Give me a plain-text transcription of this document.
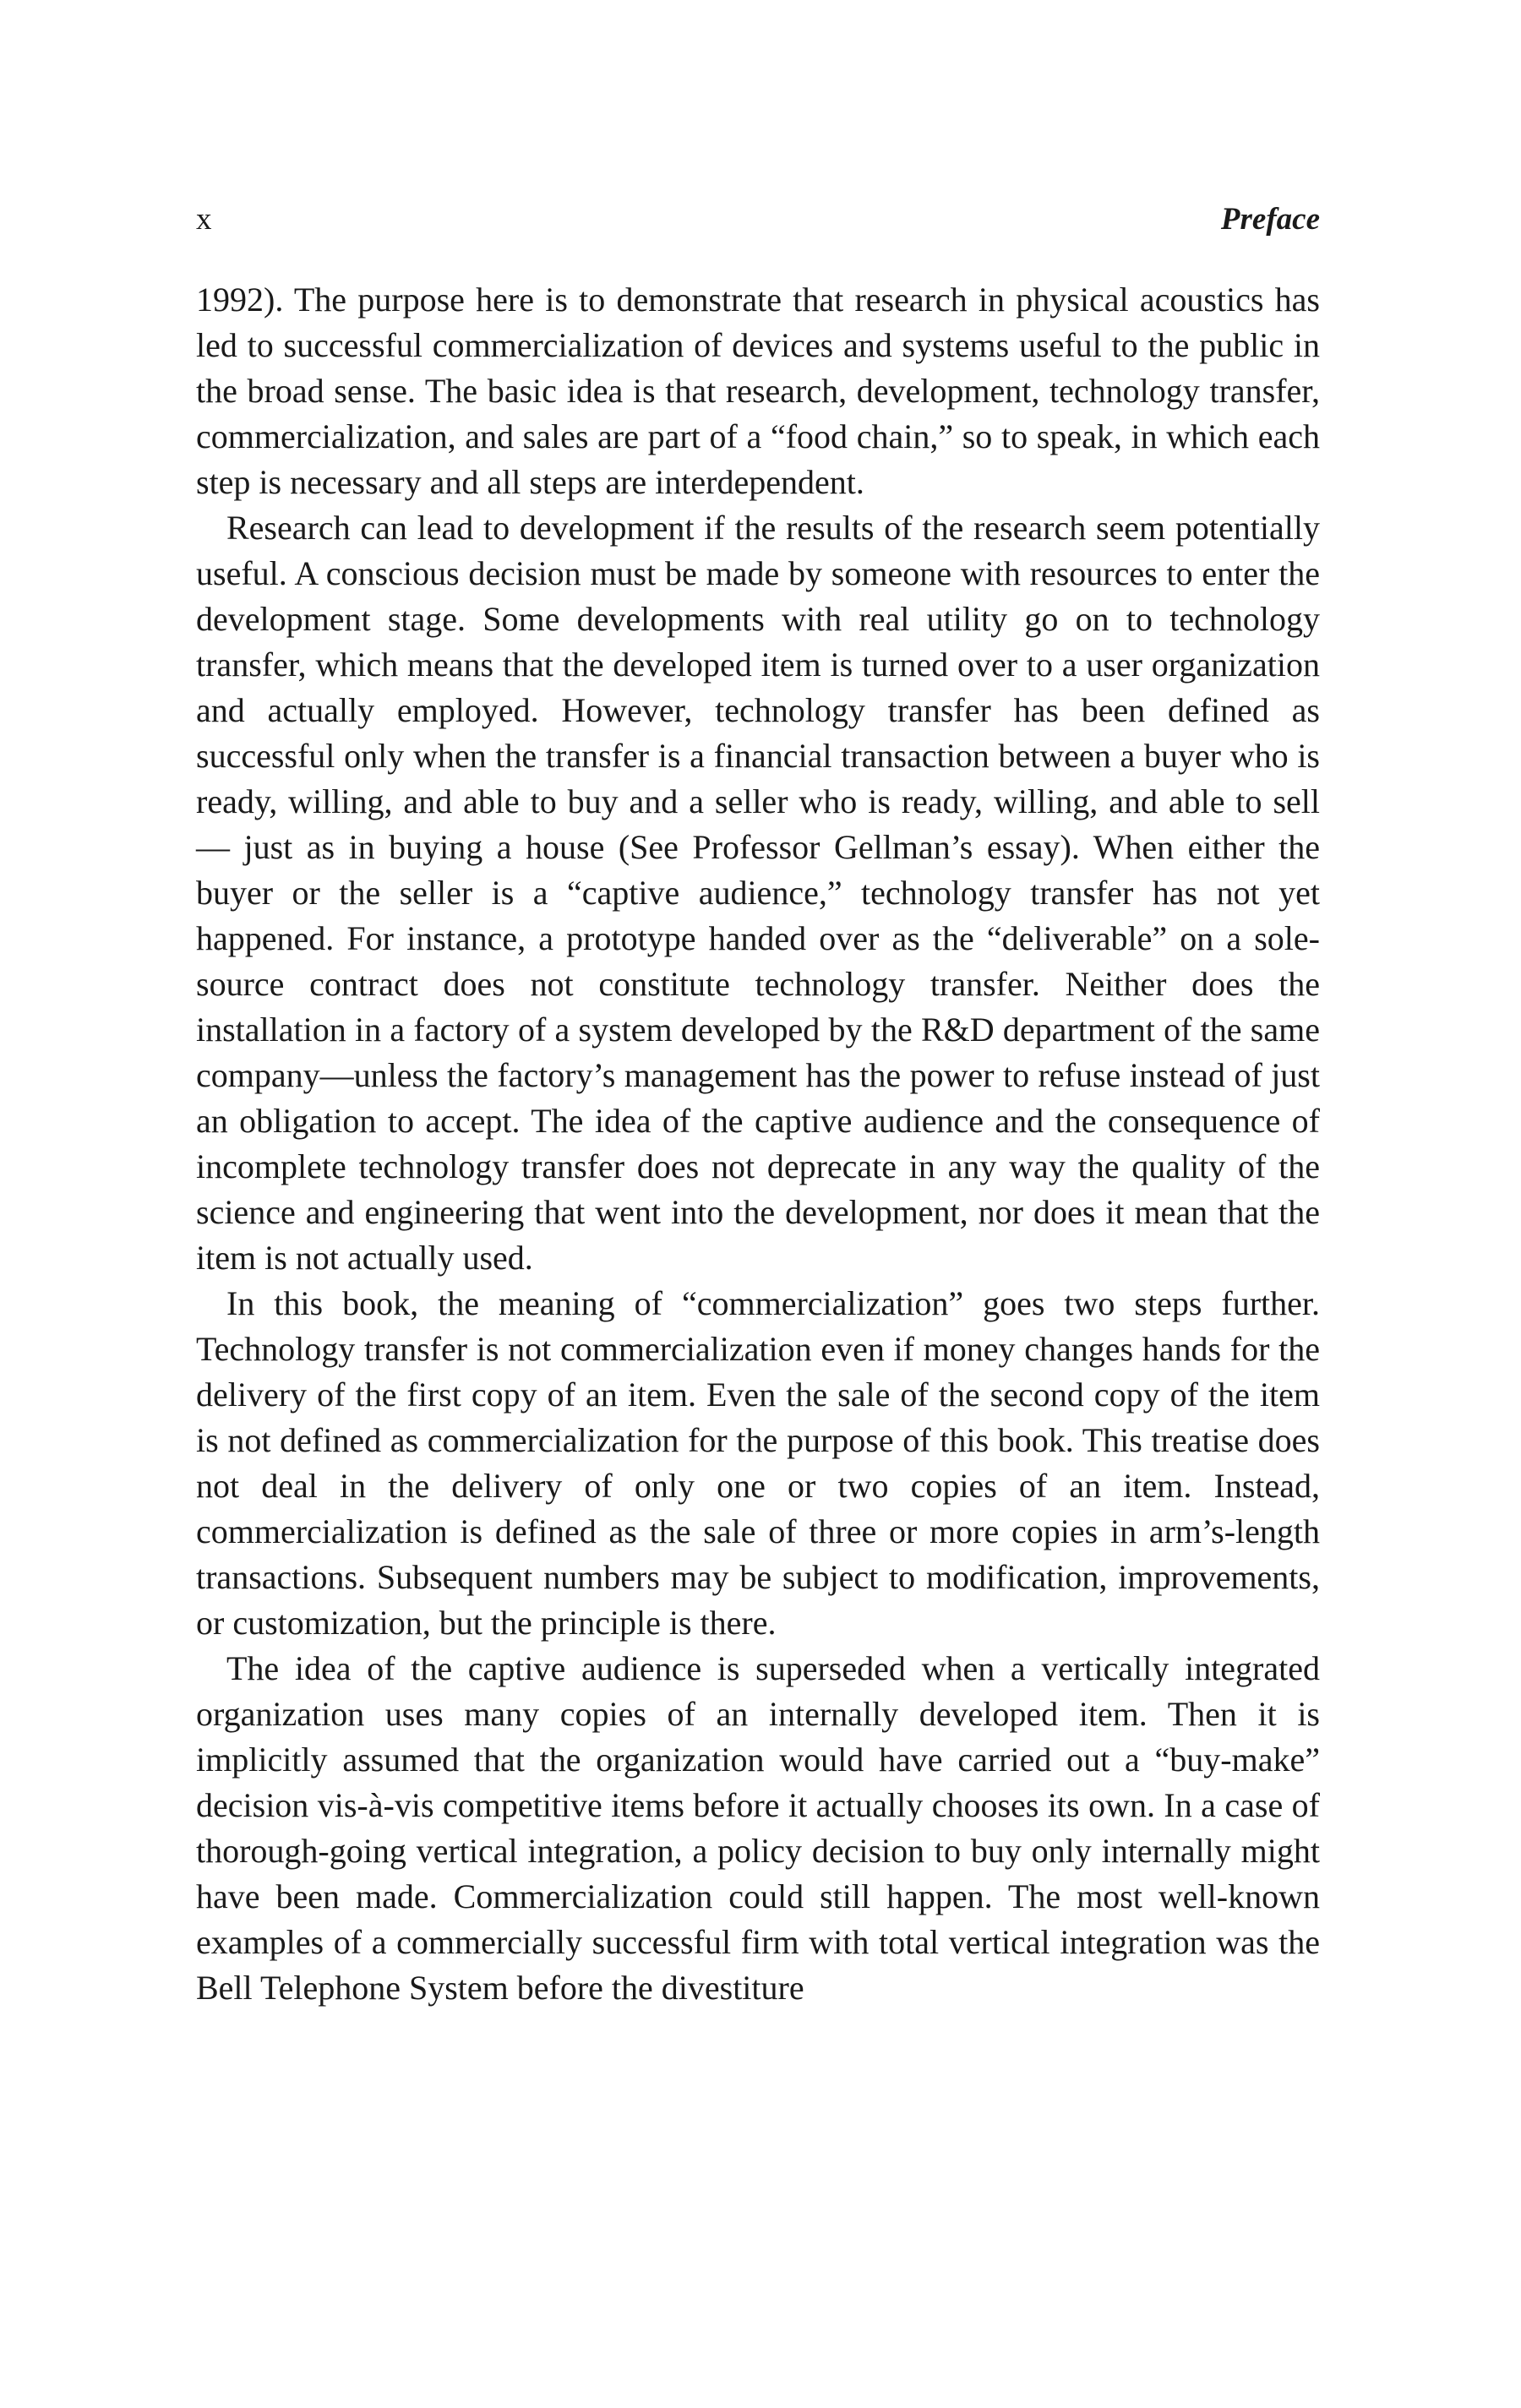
x	Preface

1992). The purpose here is to demonstrate that research in physical acoustics has led to successful commercialization of devices and systems useful to the public in the broad sense. The basic idea is that research, development, technology transfer, commercialization, and sales are part of a “food chain,” so to speak, in which each step is necessary and all steps are interdependent.

Research can lead to development if the results of the research seem potentially useful. A conscious decision must be made by someone with resources to enter the development stage. Some developments with real utility go on to technology transfer, which means that the developed item is turned over to a user organization and actually employed. However, technology transfer has been defined as successful only when the transfer is a financial transaction between a buyer who is ready, willing, and able to buy and a seller who is ready, willing, and able to sell — just as in buying a house (See Professor Gellman’s essay). When either the buyer or the seller is a “captive audience,” technology transfer has not yet happened. For instance, a prototype handed over as the “deliverable” on a sole-source contract does not constitute technology transfer. Neither does the installation in a factory of a system developed by the R&D department of the same company—unless the factory’s management has the power to refuse instead of just an obligation to accept. The idea of the captive audience and the consequence of incomplete technology transfer does not deprecate in any way the quality of the science and engineering that went into the development, nor does it mean that the item is not actually used.

In this book, the meaning of “commercialization” goes two steps further. Technology transfer is not commercialization even if money changes hands for the delivery of the first copy of an item. Even the sale of the second copy of the item is not defined as commercialization for the purpose of this book. This treatise does not deal in the delivery of only one or two copies of an item. Instead, commercialization is defined as the sale of three or more copies in arm’s-length transactions. Subsequent numbers may be subject to modification, improvements, or customization, but the principle is there.

The idea of the captive audience is superseded when a vertically integrated organization uses many copies of an internally developed item. Then it is implicitly assumed that the organization would have carried out a “buy-make” decision vis-à-vis competitive items before it actually chooses its own. In a case of thorough-going vertical integration, a policy decision to buy only internally might have been made. Commercialization could still happen. The most well-known examples of a commercially successful firm with total vertical integration was the Bell Telephone System before the divestiture
